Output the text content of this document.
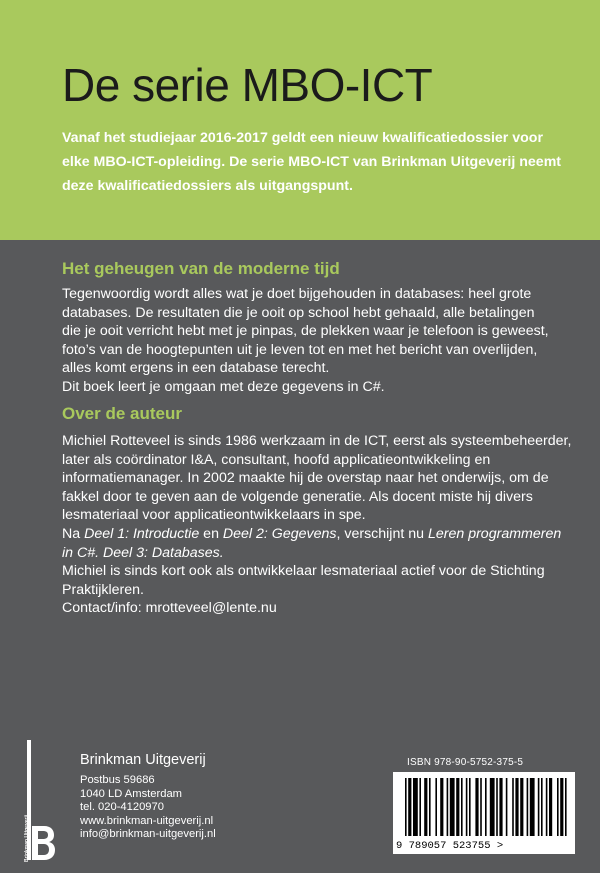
De serie MBO-ICT

Vanaf het studiejaar 2016-2017 geldt een nieuw kwalificatiedossier voor
elke MBO-ICT-opleiding. De serie MBO-ICT van Brinkman Uitgeverij neemt
deze kwalificatiedossiers als uitgangspunt.

Het geheugen van de moderne tijd

Tegenwoordig wordt alles wat je doet bijgehouden in databases: heel grote
databases. De resultaten die je ooit op school hebt gehaald, alle betalingen
die je ooit verricht hebt met je pinpas, de plekken waar je telefoon is geweest,
foto’s van de hoogtepunten uit je leven tot en met het bericht van overlijden,
alles komt ergens in een database terecht.
Dit boek leert je omgaan met deze gegevens in C#.

Over de auteur

Michiel Rotteveel is sinds 1986 werkzaam in de ICT, eerst als systeembeheerder,
later als coördinator I&A, consultant, hoofd applicatieontwikkeling en
informatiemanager. In 2002 maakte hij de overstap naar het onderwijs, om de
fakkel door te geven aan de volgende generatie. Als docent miste hij divers
lesmateriaal voor applicatieontwikkelaars in spe.
Na Deel 1: Introductie en Deel 2: Gegevens, verschijnt nu Leren programmeren
in C#. Deel 3: Databases.
Michiel is sinds kort ook als ontwikkelaar lesmateriaal actief voor de Stichting
Praktijkleren.
Contact/info: mrotteveel@lente.nu

Brinkman Uitgeverij

Brinkman Uitgeverij

Postbus 59686
1040 LD Amsterdam
tel. 020-4120970
www.brinkman-uitgeverij.nl
info@brinkman-uitgeverij.nl

ISBN 978-90-5752-375-5

9 789057 523755 >
